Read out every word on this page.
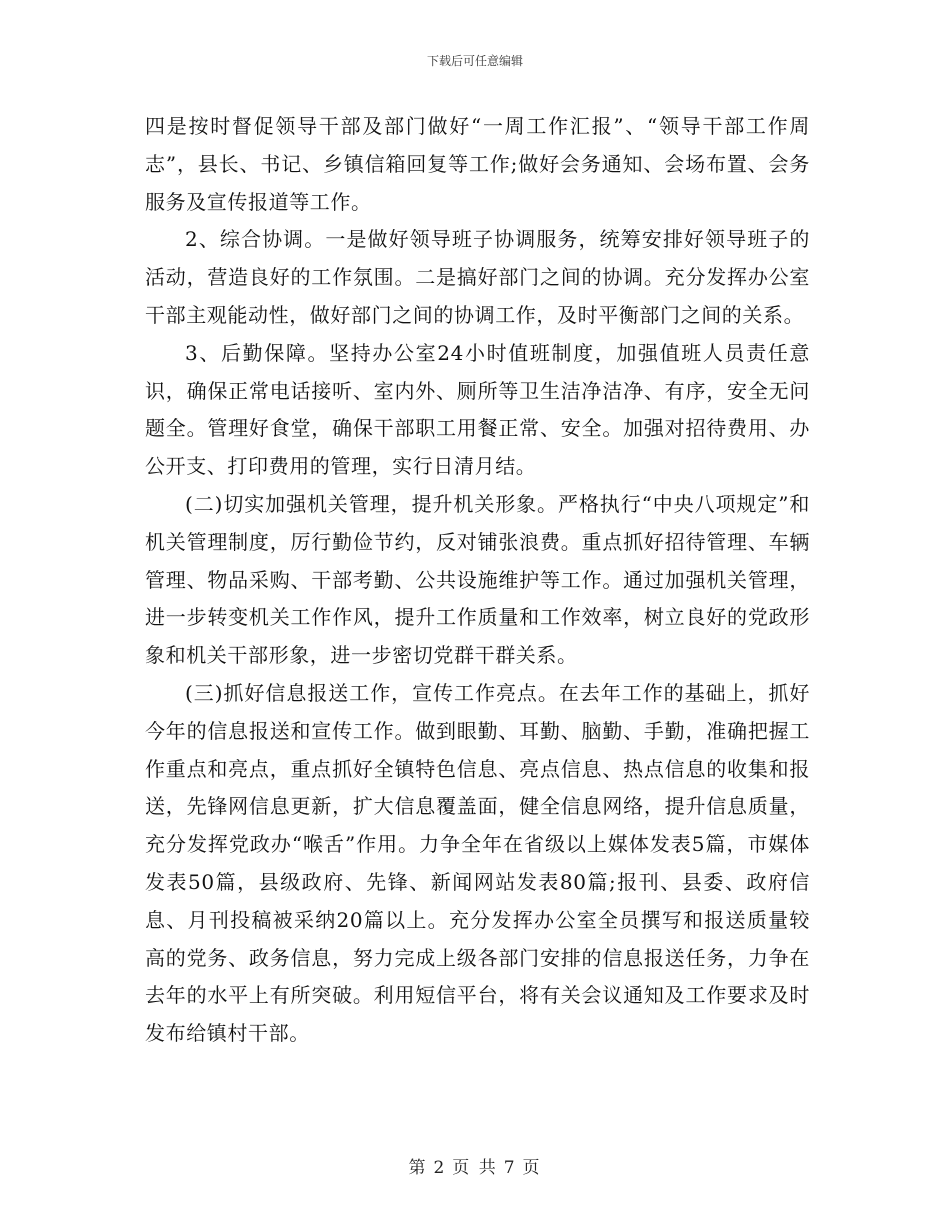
下载后可任意编辑

四是按时督促领导干部及部门做好“一周工作汇报”、“领导干部工作周志”，县长、书记、乡镇信箱回复等工作;做好会务通知、会场布置、会务服务及宣传报道等工作。

2、综合协调。一是做好领导班子协调服务，统筹安排好领导班子的活动，营造良好的工作氛围。二是搞好部门之间的协调。充分发挥办公室干部主观能动性，做好部门之间的协调工作，及时平衡部门之间的关系。

3、后勤保障。坚持办公室24小时值班制度，加强值班人员责任意识，确保正常电话接听、室内外、厕所等卫生洁净洁净、有序，安全无问题全。管理好食堂，确保干部职工用餐正常、安全。加强对招待费用、办公开支、打印费用的管理，实行日清月结。

(二)切实加强机关管理，提升机关形象。严格执行“中央八项规定”和机关管理制度，厉行勤俭节约，反对铺张浪费。重点抓好招待管理、车辆管理、物品采购、干部考勤、公共设施维护等工作。通过加强机关管理，进一步转变机关工作作风，提升工作质量和工作效率，树立良好的党政形象和机关干部形象，进一步密切党群干群关系。

(三)抓好信息报送工作，宣传工作亮点。在去年工作的基础上，抓好今年的信息报送和宣传工作。做到眼勤、耳勤、脑勤、手勤，准确把握工作重点和亮点，重点抓好全镇特色信息、亮点信息、热点信息的收集和报送，先锋网信息更新，扩大信息覆盖面，健全信息网络，提升信息质量，充分发挥党政办“喉舌”作用。力争全年在省级以上媒体发表5篇，市媒体发表50篇，县级政府、先锋、新闻网站发表80篇;报刊、县委、政府信息、月刊投稿被采纳20篇以上。充分发挥办公室全员撰写和报送质量较高的党务、政务信息，努力完成上级各部门安排的信息报送任务，力争在去年的水平上有所突破。利用短信平台，将有关会议通知及工作要求及时发布给镇村干部。

第 2 页 共 7 页
